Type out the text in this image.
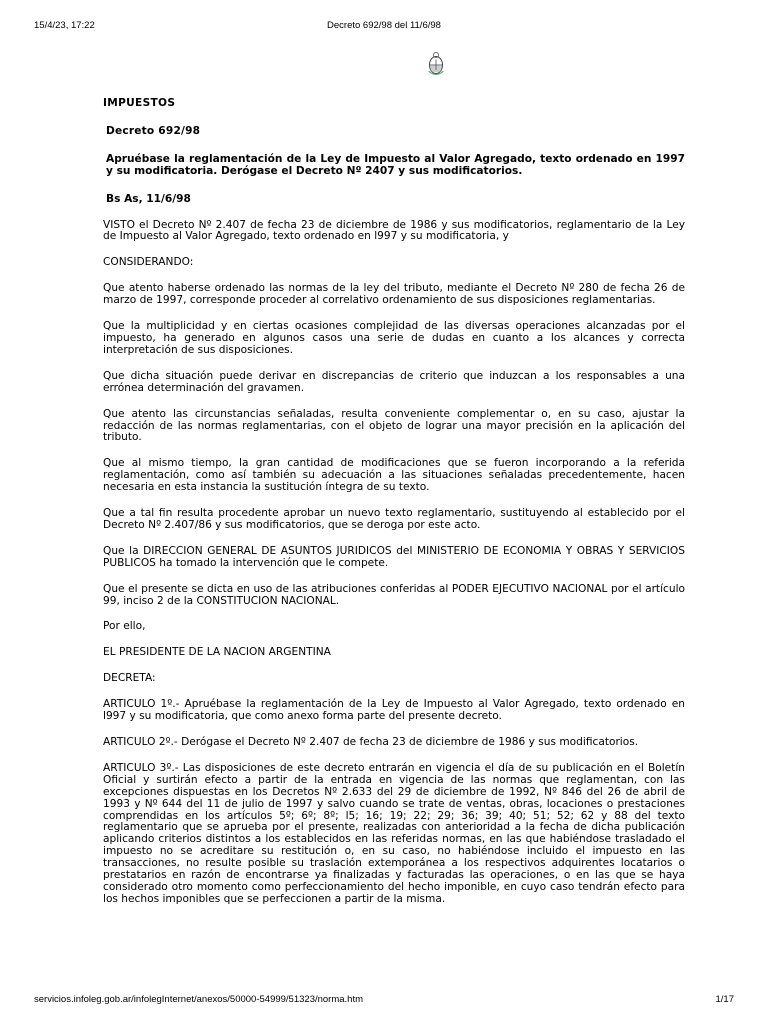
15/4/23, 17:22	Decreto 692/98 del 11/6/98

IMPUESTOS

Decreto 692/98

Apruébase la reglamentación de la Ley de Impuesto al Valor Agregado, texto ordenado en 1997 y su modificatoria. Derógase el Decreto Nº 2407 y sus modificatorios.

Bs As, 11/6/98

VISTO el Decreto Nº 2.407 de fecha 23 de diciembre de 1986 y sus modificatorios, reglamentario de la Ley de Impuesto al Valor Agregado, texto ordenado en l997 y su modificatoria, y

CONSIDERANDO:

Que atento haberse ordenado las normas de la ley del tributo, mediante el Decreto Nº 280 de fecha 26 de marzo de 1997, corresponde proceder al correlativo ordenamiento de sus disposiciones reglamentarias.

Que la multiplicidad y en ciertas ocasiones complejidad de las diversas operaciones alcanzadas por el impuesto, ha generado en algunos casos una serie de dudas en cuanto a los alcances y correcta interpretación de sus disposiciones.

Que dicha situación puede derivar en discrepancias de criterio que induzcan a los responsables a una errónea determinación del gravamen.

Que atento las circunstancias señaladas, resulta conveniente complementar o, en su caso, ajustar la redacción de las normas reglamentarias, con el objeto de lograr una mayor precisión en la aplicación del tributo.

Que al mismo tiempo, la gran cantidad de modificaciones que se fueron incorporando a la referida reglamentación, como así también su adecuación a las situaciones señaladas precedentemente, hacen necesaria en esta instancia la sustitución íntegra de su texto.

Que a tal fin resulta procedente aprobar un nuevo texto reglamentario, sustituyendo al establecido por el Decreto Nº 2.407/86 y sus modificatorios, que se deroga por este acto.

Que la DIRECCION GENERAL DE ASUNTOS JURIDICOS del MINISTERIO DE ECONOMIA Y OBRAS Y SERVICIOS PUBLICOS ha tomado la intervención que le compete.

Que el presente se dicta en uso de las atribuciones conferidas al PODER EJECUTIVO NACIONAL por el artículo 99, inciso 2 de la CONSTITUCION NACIONAL.

Por ello,

EL PRESIDENTE DE LA NACION ARGENTINA

DECRETA:

ARTICULO 1º.- Apruébase la reglamentación de la Ley de Impuesto al Valor Agregado, texto ordenado en l997 y su modificatoria, que como anexo forma parte del presente decreto.

ARTICULO 2º.- Derógase el Decreto Nº 2.407 de fecha 23 de diciembre de 1986 y sus modificatorios.

ARTICULO 3º.- Las disposiciones de este decreto entrarán en vigencia el día de su publicación en el Boletín Oficial y surtirán efecto a partir de la entrada en vigencia de las normas que reglamentan, con las excepciones dispuestas en los Decretos Nº 2.633 del 29 de diciembre de 1992, Nº 846 del 26 de abril de 1993 y Nº 644 del 11 de julio de 1997 y salvo cuando se trate de ventas, obras, locaciones o prestaciones comprendidas en los artículos 5º; 6º; 8º; l5; 16; 19; 22; 29; 36; 39; 40; 51; 52; 62 y 88 del texto reglamentario que se aprueba por el presente, realizadas con anterioridad a la fecha de dicha publicación aplicando criterios distintos a los establecidos en las referidas normas, en las que habiéndose trasladado el impuesto no se acreditare su restitución o, en su caso, no habiéndose incluido el impuesto en las transacciones, no resulte posible su traslación extemporánea a los respectivos adquirentes locatarios o prestatarios en razón de encontrarse ya finalizadas y facturadas las operaciones, o en las que se haya considerado otro momento como perfeccionamiento del hecho imponible, en cuyo caso tendrán efecto para los hechos imponibles que se perfeccionen a partir de la misma.

servicios.infoleg.gob.ar/infolegInternet/anexos/50000-54999/51323/norma.htm	1/17
